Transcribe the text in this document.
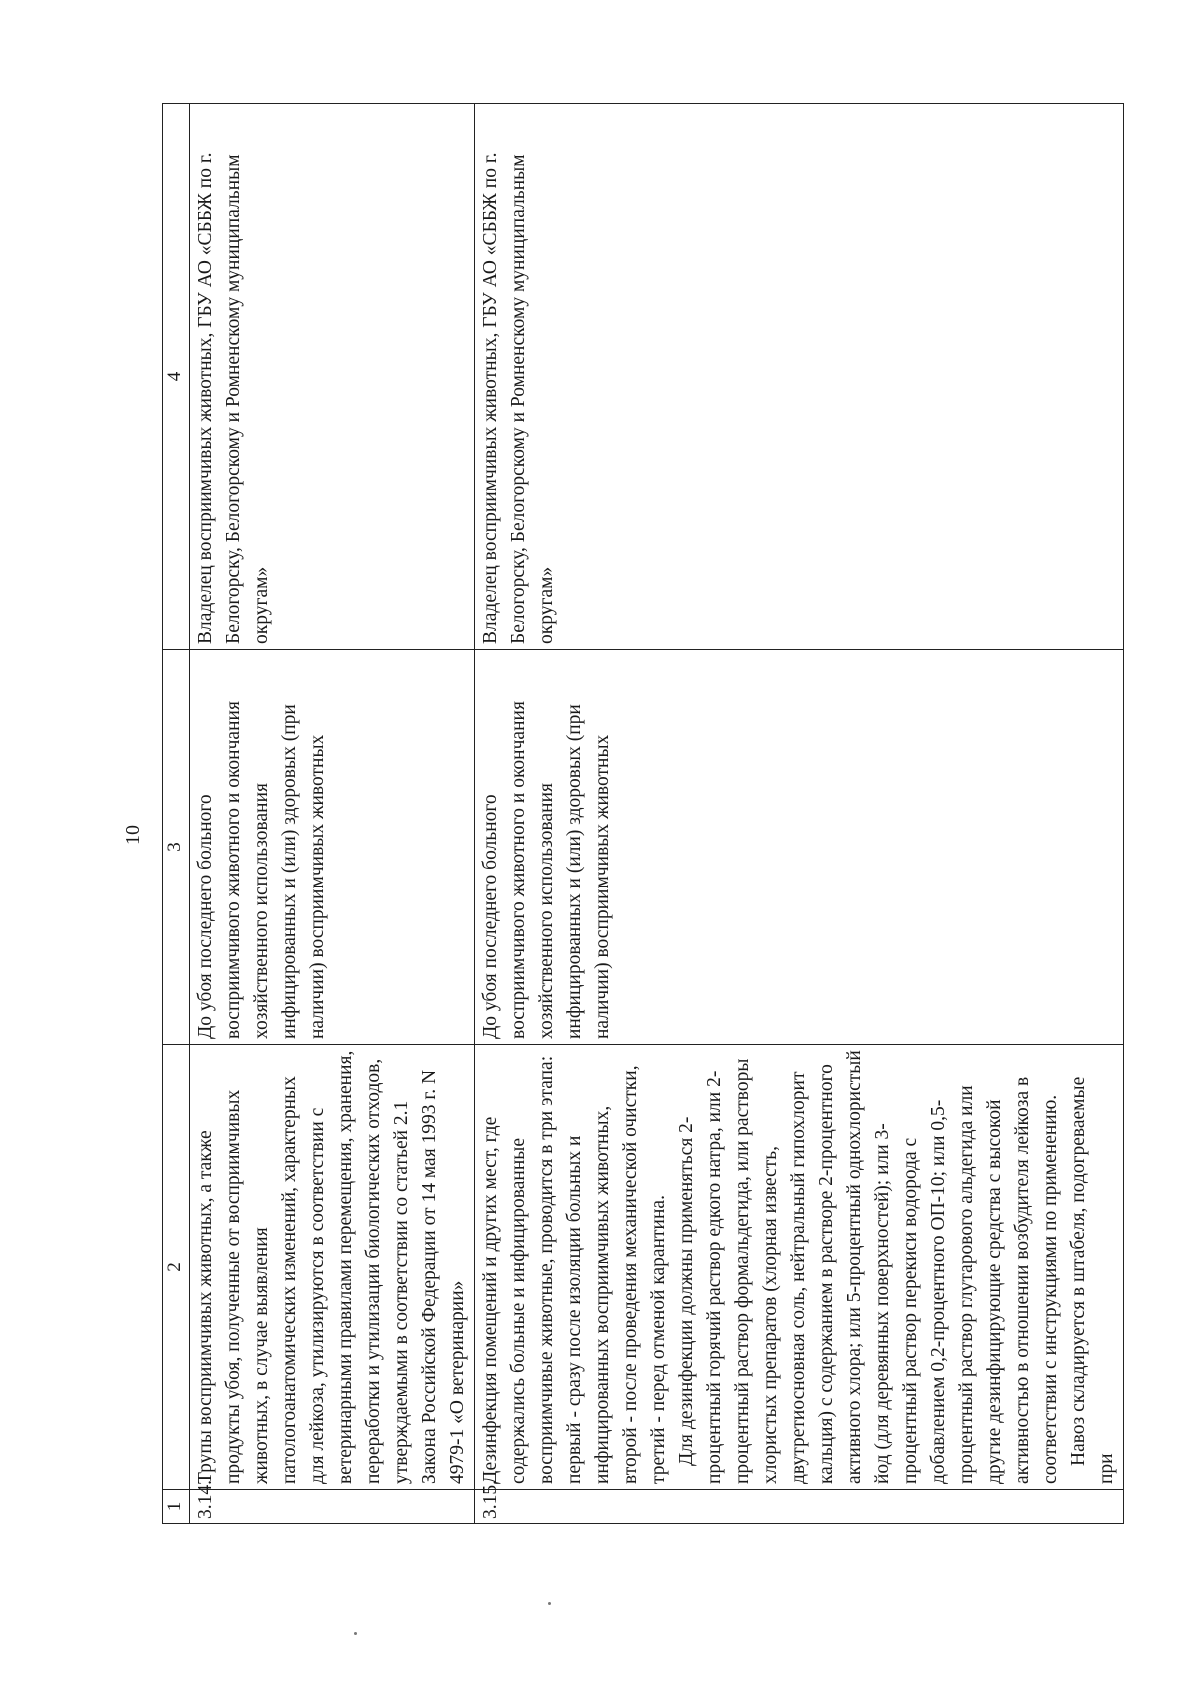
10
1	2	3	4
3.14.	Трупы восприимчивых животных, а также продукты убоя, полученные от восприимчивых животных, в случае выявления патологоанатомических изменений, характерных для лейкоза, утилизируются в соответствии с ветеринарными правилами перемещения, хранения, переработки и утилизации биологических отходов, утверждаемыми в соответствии со статьей 2.1 Закона Российской Федерации от 14 мая 1993 г. N 4979-1 «О ветеринарии»	До убоя последнего больного восприимчивого животного и окончания хозяйственного использования инфицированных и (или) здоровых (при наличии) восприимчивых животных	Владелец восприимчивых животных, ГБУ АО «СББЖ по г. Белогорску, Белогорскому и Ромненскому муниципальным округам»

3.15.	Дезинфекция помещений и других мест, где содержались больные и инфицированные восприимчивые животные, проводится в три этапа: первый - сразу после изоляции больных и инфицированных восприимчивых животных, второй - после проведения механической очистки, третий - перед отменой карантина. Для дезинфекции должны применяться 2-процентный горячий раствор едкого натра, или 2-процентный раствор формальдегида, или растворы хлористых препаратов (хлорная известь, двутретиосновная соль, нейтральный гипохлорит кальция) с содержанием в растворе 2-процентного активного хлора; или 5-процентный однохлористый йод (для деревянных поверхностей); или 3-процентный раствор перекиси водорода с добавлением 0,2-процентного ОП-10; или 0,5-процентный раствор глутарового альдегида или другие дезинфицирующие средства с высокой активностью в отношении возбудителя лейкоза в соответствии с инструкциями по применению. Навоз складируется в штабеля, подогреваемые при	До убоя последнего больного восприимчивого животного и окончания хозяйственного использования инфицированных и (или) здоровых (при наличии) восприимчивых животных	Владелец восприимчивых животных, ГБУ АО «СББЖ по г. Белогорску, Белогорскому и Ромненскому муниципальным округам»
